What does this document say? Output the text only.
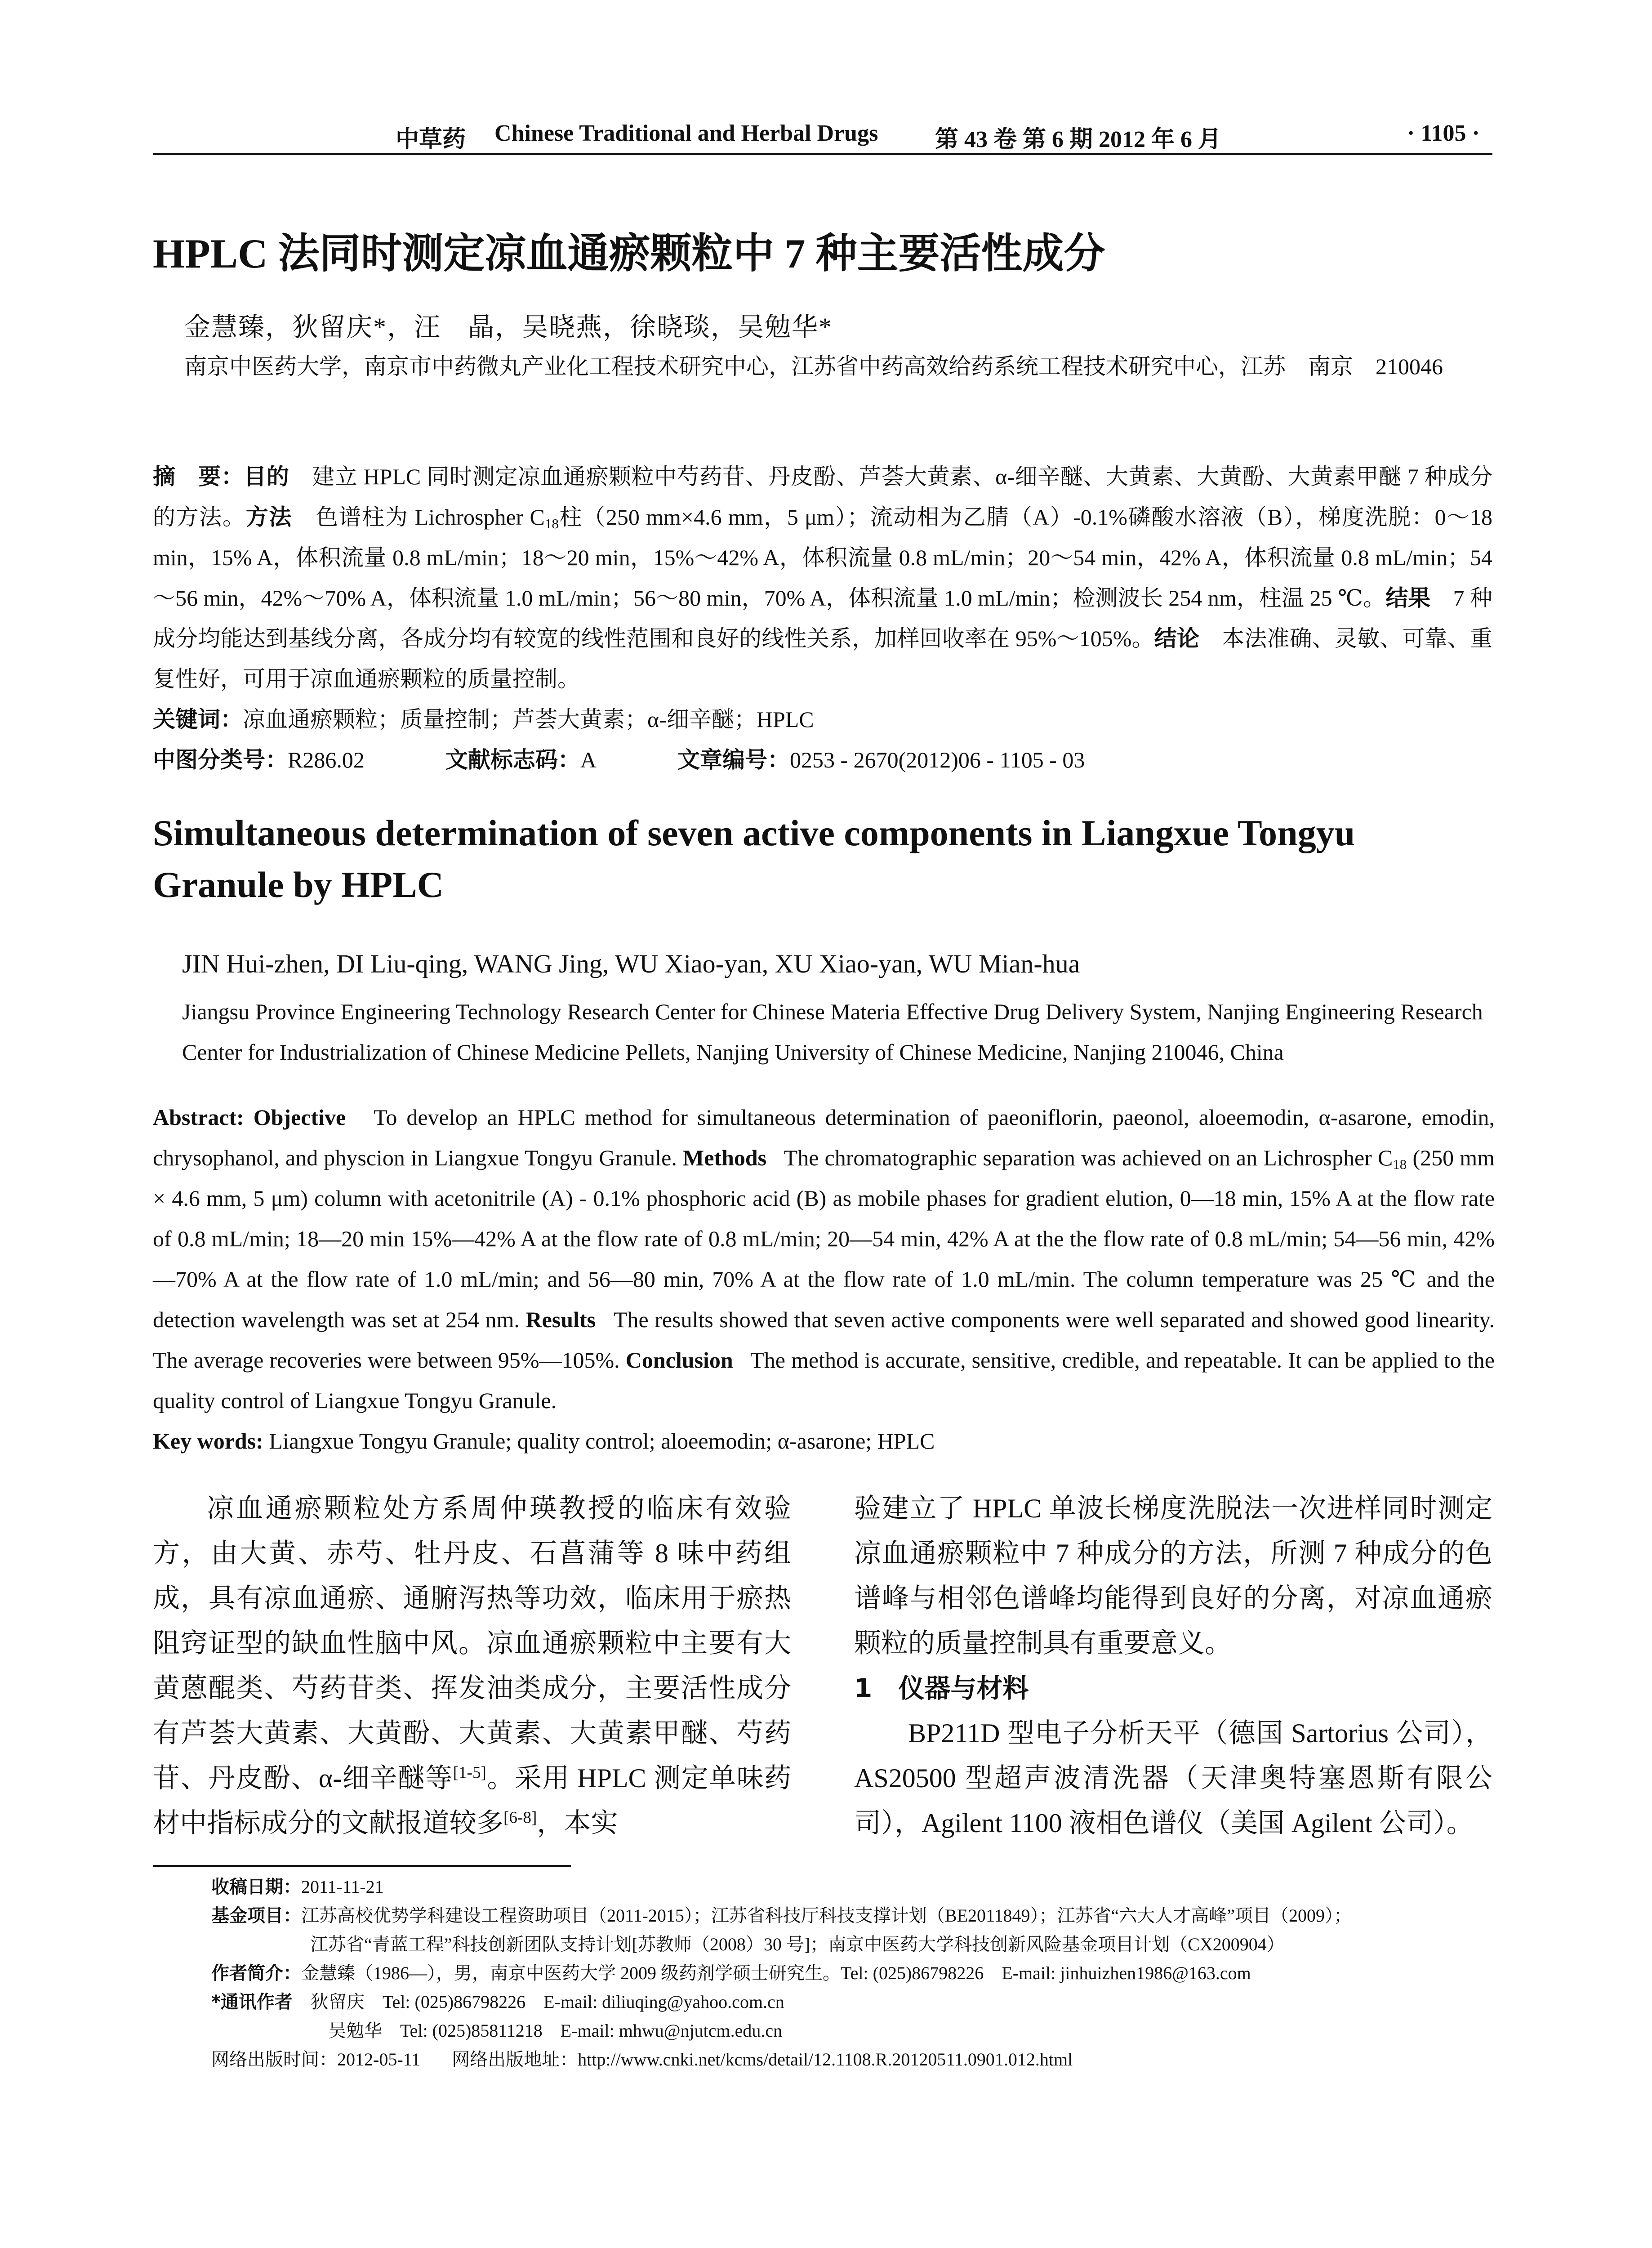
中草药 Chinese Traditional and Herbal Drugs 第 43 卷 第 6 期 2012 年 6 月	· 1105 ·
HPLC 法同时测定凉血通瘀颗粒中 7 种主要活性成分
金慧臻，狄留庆*，汪　晶，吴晓燕，徐晓琰，吴勉华*
南京中医药大学，南京市中药微丸产业化工程技术研究中心，江苏省中药高效给药系统工程技术研究中心，江苏　南京　210046
摘　要：目的　 建立 HPLC 同时测定凉血通瘀颗粒中芍药苷、丹皮酚、芦荟大黄素、α-细辛醚、大黄素、大黄酚、大黄素甲醚 7 种成分的方法。方法　 色谱柱为 Lichrospher $C_{18}$柱（250 mm×4.6 mm，5 μm）；流动相为乙腈（A）-0.1%磷酸水溶液（B），梯度洗脱：0～18 min，15% A，体积流量 0.8 mL/min；18～20 min，15%～42% A，体积流量 0.8 mL/min；20～54 min，42% A，体积流量 0.8 mL/min；54～56 min，42%～70% A，体积流量 1.0 mL/min；56～80 min，70% A，体积流量 1.0 mL/min；检测波长 254 nm，柱温 25 ℃。结果　 7 种成分均能达到基线分离，各成分均有较宽的线性范围和良好的线性关系，加样回收率在 95%～105%。结论　 本法准确、灵敏、可靠、重复性好，可用于凉血通瘀颗粒的质量控制。
关键词：凉血通瘀颗粒；质量控制；芦荟大黄素；α-细辛醚；HPLC
中图分类号：R286.02	文献标志码：A	文章编号：0253 - 2670(2012)06 - 1105 - 03
Simultaneous determination of seven active components in Liangxue Tongyu Granule by HPLC
JIN Hui-zhen, DI Liu-qing, WANG Jing, WU Xiao-yan, XU Xiao-yan, WU Mian-hua
Jiangsu Province Engineering Technology Research Center for Chinese Materia Effective Drug Delivery System, Nanjing Engineering Research Center for Industrialization of Chinese Medicine Pellets, Nanjing University of Chinese Medicine, Nanjing 210046, China
Abstract: Objective To develop an HPLC method for simultaneous determination of paeoniflorin, paeonol, aloeemodin, α-asarone, emodin, chrysophanol, and physcion in Liangxue Tongyu Granule. Methods The chromatographic separation was achieved on an Lichrospher $C_{18}$ (250 mm × 4.6 mm, 5 μm) column with acetonitrile (A) - 0.1% phosphoric acid (B) as mobile phases for gradient elution, 0—18 min, 15% A at the flow rate of 0.8 mL/min; 18—20 min 15%—42% A at the flow rate of 0.8 mL/min; 20—54 min, 42% A at the the flow rate of 0.8 mL/min; 54—56 min, 42%—70% A at the flow rate of 1.0 mL/min; and 56—80 min, 70% A at the flow rate of 1.0 mL/min. The column temperature was 25 ℃ and the detection wavelength was set at 254 nm. Results The results showed that seven active components were well separated and showed good linearity. The average recoveries were between 95%—105%. Conclusion The method is accurate, sensitive, credible, and repeatable. It can be applied to the quality control of Liangxue Tongyu Granule.
Key words: Liangxue Tongyu Granule; quality control; aloeemodin; α-asarone; HPLC
凉血通瘀颗粒处方系周仲瑛教授的临床有效验方，由大黄、赤芍、牡丹皮、石菖蒲等 8 味中药组成，具有凉血通瘀、通腑泻热等功效，临床用于瘀热阻窍证型的缺血性脑中风。凉血通瘀颗粒中主要有大黄蒽醌类、芍药苷类、挥发油类成分，主要活性成分有芦荟大黄素、大黄酚、大黄素、大黄素甲醚、芍药苷、丹皮酚、α-细辛醚等[1-5]。采用 HPLC 测定单味药材中指标成分的文献报道较多[6-8]，本实
验建立了 HPLC 单波长梯度洗脱法一次进样同时测定凉血通瘀颗粒中 7 种成分的方法，所测 7 种成分的色谱峰与相邻色谱峰均能得到良好的分离，对凉血通瘀颗粒的质量控制具有重要意义。
1　仪器与材料
BP211D 型电子分析天平（德国 Sartorius 公司），AS20500 型超声波清洗器（天津奥特塞恩斯有限公司），Agilent 1100 液相色谱仪（美国 Agilent 公司）。
收稿日期：2011-11-21
基金项目：江苏高校优势学科建设工程资助项目（2011-2015）；江苏省科技厅科技支撑计划（BE2011849）；江苏省“六大人才高峰”项目（2009）；
江苏省“青蓝工程”科技创新团队支持计划[苏教师（2008）30 号]；南京中医药大学科技创新风险基金项目计划（CX200904）
作者简介：金慧臻（1986—），男，南京中医药大学 2009 级药剂学硕士研究生。Tel: (025)86798226　E-mail: jinhuizhen1986@163.com
*通讯作者　 狄留庆　Tel: (025)86798226　E-mail: diliuqing@yahoo.com.cn
吴勉华　Tel: (025)85811218　E-mail: mhwu@njutcm.edu.cn
网络出版时间：2012-05-11 网络出版地址：http://www.cnki.net/kcms/detail/12.1108.R.20120511.0901.012.html
